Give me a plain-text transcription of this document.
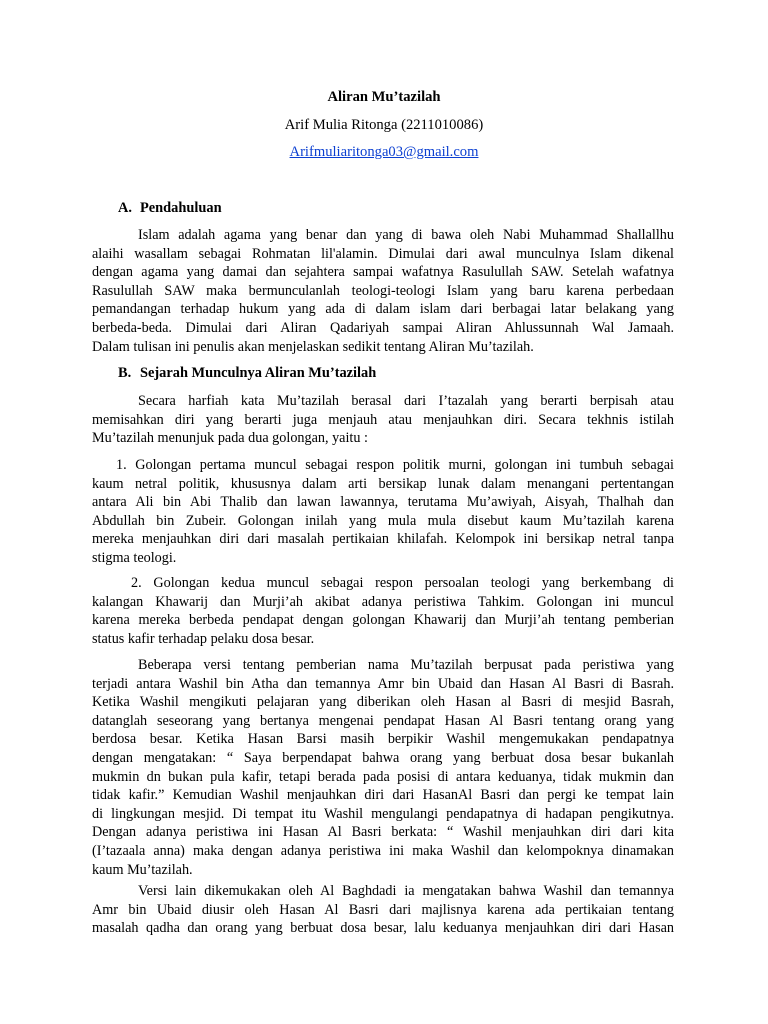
Aliran Mu’tazilah
Arif Mulia Ritonga (2211010086)
Arifmuliaritonga03@gmail.com
A. Pendahuluan
Islam adalah agama yang benar dan yang di bawa oleh Nabi Muhammad Shallallhu
alaihi wasallam sebagai Rohmatan lil'alamin. Dimulai dari awal munculnya Islam dikenal
dengan agama yang damai dan sejahtera sampai wafatnya Rasulullah SAW. Setelah wafatnya
Rasulullah SAW maka bermunculanlah teologi-teologi Islam yang baru karena perbedaan
pemandangan terhadap hukum yang ada di dalam islam dari berbagai latar belakang yang
berbeda-beda. Dimulai dari Aliran Qadariyah sampai Aliran Ahlussunnah Wal Jamaah.
Dalam tulisan ini penulis akan menjelaskan sedikit tentang Aliran Mu’tazilah.
B. Sejarah Munculnya Aliran Mu’tazilah
Secara harfiah kata Mu’tazilah berasal dari I’tazalah yang berarti berpisah atau
memisahkan diri yang berarti juga menjauh atau menjauhkan diri. Secara tekhnis istilah
Mu’tazilah menunjuk pada dua golongan, yaitu :
1. Golongan pertama muncul sebagai respon politik murni, golongan ini tumbuh sebagai
kaum netral politik, khususnya dalam arti bersikap lunak dalam menangani pertentangan
antara Ali bin Abi Thalib dan lawan lawannya, terutama Mu’awiyah, Aisyah, Thalhah dan
Abdullah bin Zubeir. Golongan inilah yang mula mula disebut kaum Mu’tazilah karena
mereka menjauhkan diri dari masalah pertikaian khilafah. Kelompok ini bersikap netral tanpa
stigma teologi.
2. Golongan kedua muncul sebagai respon persoalan teologi yang berkembang di
kalangan Khawarij dan Murji’ah akibat adanya peristiwa Tahkim. Golongan ini muncul
karena mereka berbeda pendapat dengan golongan Khawarij dan Murji’ah tentang pemberian
status kafir terhadap pelaku dosa besar.
Beberapa versi tentang pemberian nama Mu’tazilah berpusat pada peristiwa yang
terjadi antara Washil bin Atha dan temannya Amr bin Ubaid dan Hasan Al Basri di Basrah.
Ketika Washil mengikuti pelajaran yang diberikan oleh Hasan al Basri di mesjid Basrah,
datanglah seseorang yang bertanya mengenai pendapat Hasan Al Basri tentang orang yang
berdosa besar. Ketika Hasan Barsi masih berpikir Washil mengemukakan pendapatnya
dengan mengatakan: “ Saya berpendapat bahwa orang yang berbuat dosa besar bukanlah
mukmin dn bukan pula kafir, tetapi berada pada posisi di antara keduanya, tidak mukmin dan
tidak kafir.” Kemudian Washil menjauhkan diri dari HasanAl Basri dan pergi ke tempat lain
di lingkungan mesjid. Di tempat itu Washil mengulangi pendapatnya di hadapan pengikutnya.
Dengan adanya peristiwa ini Hasan Al Basri berkata: “ Washil menjauhkan diri dari kita
(I’tazaala anna) maka dengan adanya peristiwa ini maka Washil dan kelompoknya dinamakan
kaum Mu’tazilah.
Versi lain dikemukakan oleh Al Baghdadi ia mengatakan bahwa Washil dan temannya
Amr bin Ubaid diusir oleh Hasan Al Basri dari majlisnya karena ada pertikaian tentang
masalah qadha dan orang yang berbuat dosa besar, lalu keduanya menjauhkan diri dari Hasan
